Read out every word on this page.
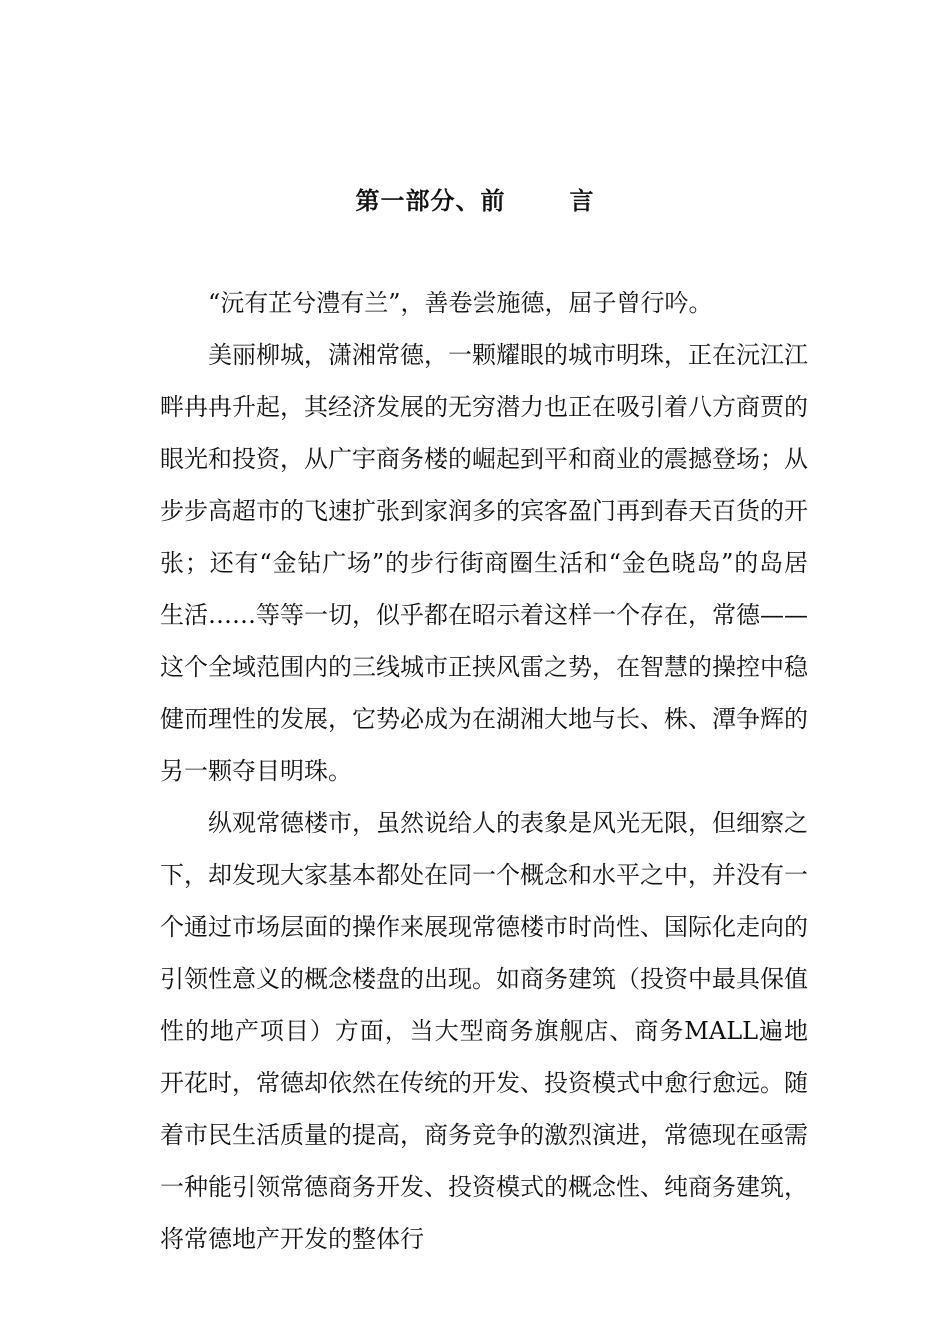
第一部分、前	言

“沅有芷兮澧有兰”，善卷尝施德，屈子曾行吟。

美丽柳城，潇湘常德，一颗耀眼的城市明珠，正在沅江江畔冉冉升起，其经济发展的无穷潜力也正在吸引着八方商贾的眼光和投资，从广宇商务楼的崛起到平和商业的震撼登场；从步步高超市的飞速扩张到家润多的宾客盈门再到春天百货的开张；还有“金钻广场”的步行街商圈生活和“金色晓岛”的岛居生活……等等一切，似乎都在昭示着这样一个存在，常德——这个全域范围内的三线城市正挟风雷之势，在智慧的操控中稳健而理性的发展，它势必成为在湖湘大地与长、株、潭争辉的另一颗夺目明珠。

纵观常德楼市，虽然说给人的表象是风光无限，但细察之下，却发现大家基本都处在同一个概念和水平之中，并没有一个通过市场层面的操作来展现常德楼市时尚性、国际化走向的引领性意义的概念楼盘的出现。如商务建筑（投资中最具保值性的地产项目）方面，当大型商务旗舰店、商务MALL遍地开花时，常德却依然在传统的开发、投资模式中愈行愈远。随着市民生活质量的提高，商务竞争的激烈演进，常德现在亟需一种能引领常德商务开发、投资模式的概念性、纯商务建筑，将常德地产开发的整体行
